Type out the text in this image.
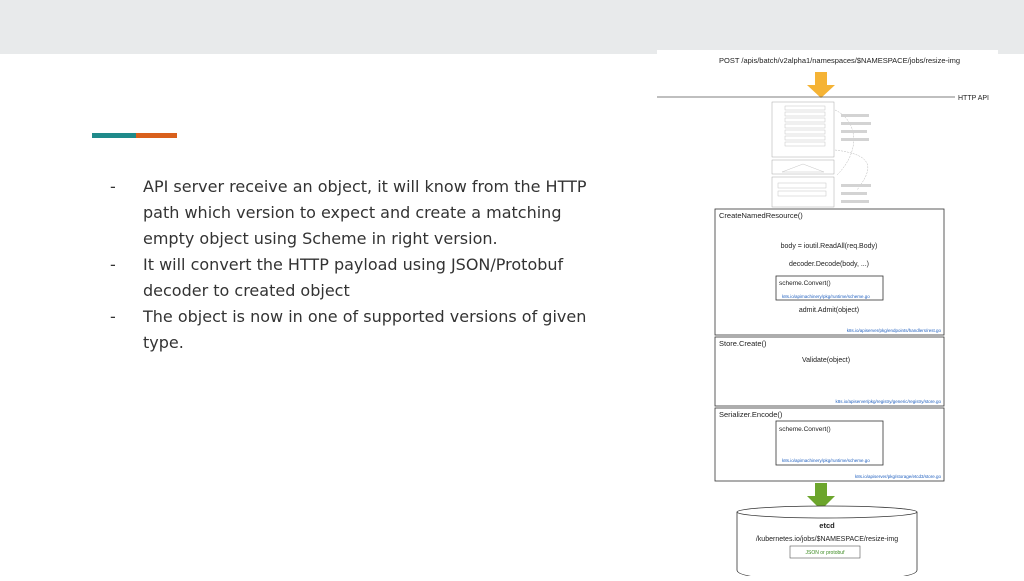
- API server receive an object, it will know from the HTTP path which version to expect and create a matching empty object using Scheme in right version.
- It will convert the HTTP payload using JSON/Protobuf decoder to created object
- The object is now in one of supported versions of given type.
POST /apis/batch/v2alpha1/namespaces/$NAMESPACE/jobs/resize-img
HTTP API
CreateNamedResource()
body = ioutil.ReadAll(req.Body)
decoder.Decode(body, ...)
scheme.Convert()
k8s.io/apimachinery/pkg/runtime/scheme.go
admit.Admit(object)
k8s.io/apiserver/pkg/endpoints/handlers/rest.go
Store.Create()
Validate(object)
k8s.io/apiserver/pkg/registry/generic/registry/store.go
Serializer.Encode()
scheme.Convert()
k8s.io/apimachinery/pkg/runtime/scheme.go
k8s.io/apiserver/pkg/storage/etcd3/store.go
etcd
/kubernetes.io/jobs/$NAMESPACE/resize-img
JSON or protobuf
